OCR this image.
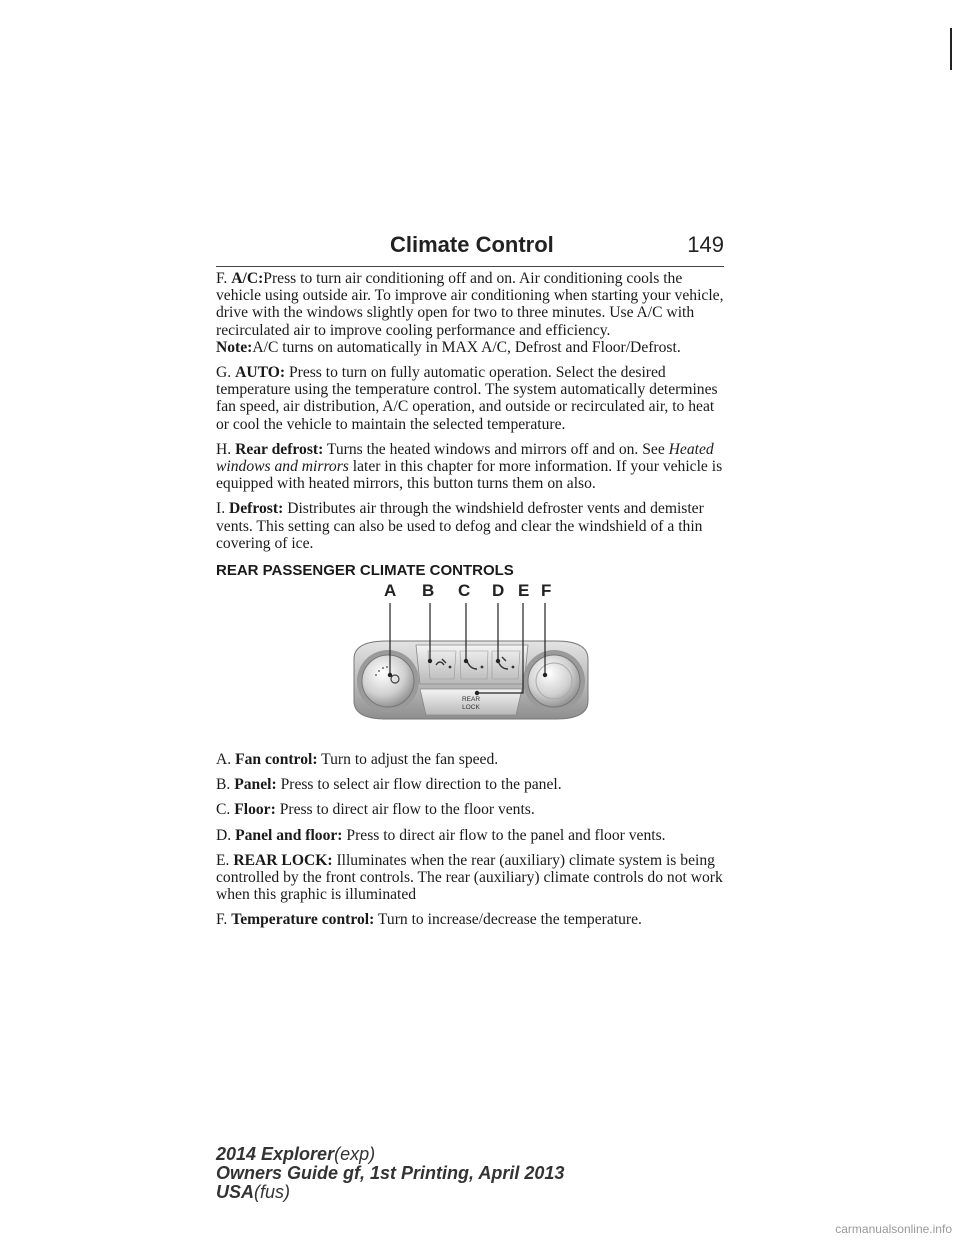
Climate Control	149

F. A/C:Press to turn air conditioning off and on. Air conditioning cools the vehicle using outside air. To improve air conditioning when starting your vehicle, drive with the windows slightly open for two to three minutes. Use A/C with recirculated air to improve cooling performance and efficiency.

Note:A/C turns on automatically in MAX A/C, Defrost and Floor/Defrost.

G. AUTO: Press to turn on fully automatic operation. Select the desired temperature using the temperature control. The system automatically determines fan speed, air distribution, A/C operation, and outside or recirculated air, to heat or cool the vehicle to maintain the selected temperature.

H. Rear defrost: Turns the heated windows and mirrors off and on. See Heated windows and mirrors later in this chapter for more information. If your vehicle is equipped with heated mirrors, this button turns them on also.

I. Defrost: Distributes air through the windshield defroster vents and demister vents. This setting can also be used to defog and clear the windshield of a thin covering of ice.

REAR PASSENGER CLIMATE CONTROLS

A B C D E F
REAR
LOCK

A. Fan control: Turn to adjust the fan speed.

B. Panel: Press to select air flow direction to the panel.

C. Floor: Press to direct air flow to the floor vents.

D. Panel and floor: Press to direct air flow to the panel and floor vents.

E. REAR LOCK: Illuminates when the rear (auxiliary) climate system is being controlled by the front controls. The rear (auxiliary) climate controls do not work when this graphic is illuminated

F. Temperature control: Turn to increase/decrease the temperature.

2014 Explorer(exp)
Owners Guide gf, 1st Printing, April 2013
USA(fus)
carmanualsonline.info
